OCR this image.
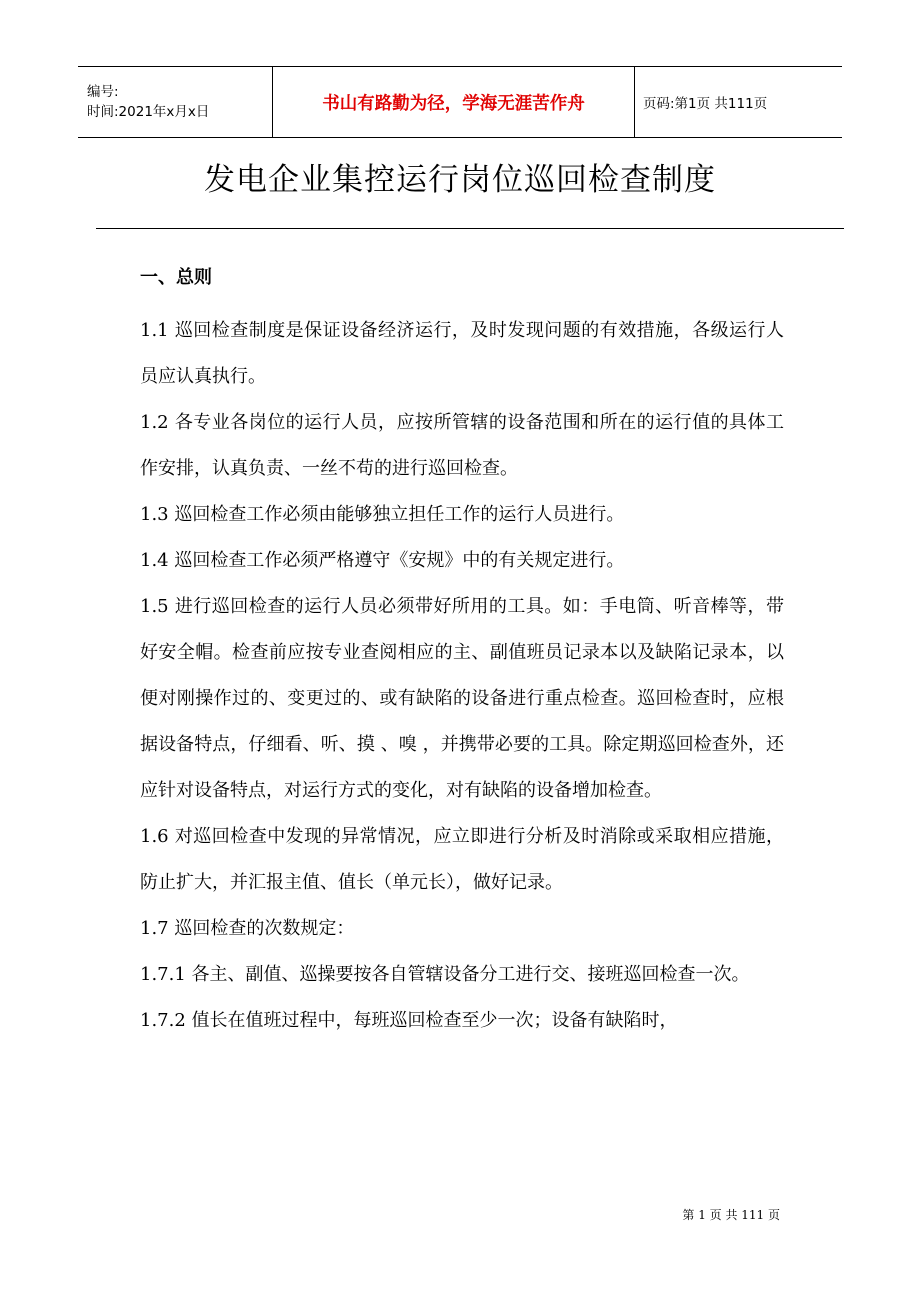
编号:
时间:2021年x月x日	书山有路勤为径，学海无涯苦作舟	页码:第1页 共111页
发电企业集控运行岗位巡回检查制度
一、总则
1.1 巡回检查制度是保证设备经济运行，及时发现问题的有效措施，各级运行人员应认真执行。
1.2 各专业各岗位的运行人员，应按所管辖的设备范围和所在的运行值的具体工作安排，认真负责、一丝不苟的进行巡回检查。
1.3 巡回检查工作必须由能够独立担任工作的运行人员进行。
1.4 巡回检查工作必须严格遵守《安规》中的有关规定进行。
1.5 进行巡回检查的运行人员必须带好所用的工具。如：手电筒、听音棒等，带好安全帽。检查前应按专业查阅相应的主、副值班员记录本以及缺陷记录本，以便对刚操作过的、变更过的、或有缺陷的设备进行重点检查。巡回检查时，应根据设备特点，仔细看、听、摸 、嗅 ，并携带必要的工具。除定期巡回检查外，还应针对设备特点，对运行方式的变化，对有缺陷的设备增加检查。
1.6 对巡回检查中发现的异常情况，应立即进行分析及时消除或采取相应措施，防止扩大，并汇报主值、值长（单元长），做好记录。
1.7 巡回检查的次数规定：
1.7.1 各主、副值、巡操要按各自管辖设备分工进行交、接班巡回检查一次。
1.7.2 值长在值班过程中，每班巡回检查至少一次；设备有缺陷时，
第 1 页 共 111 页
